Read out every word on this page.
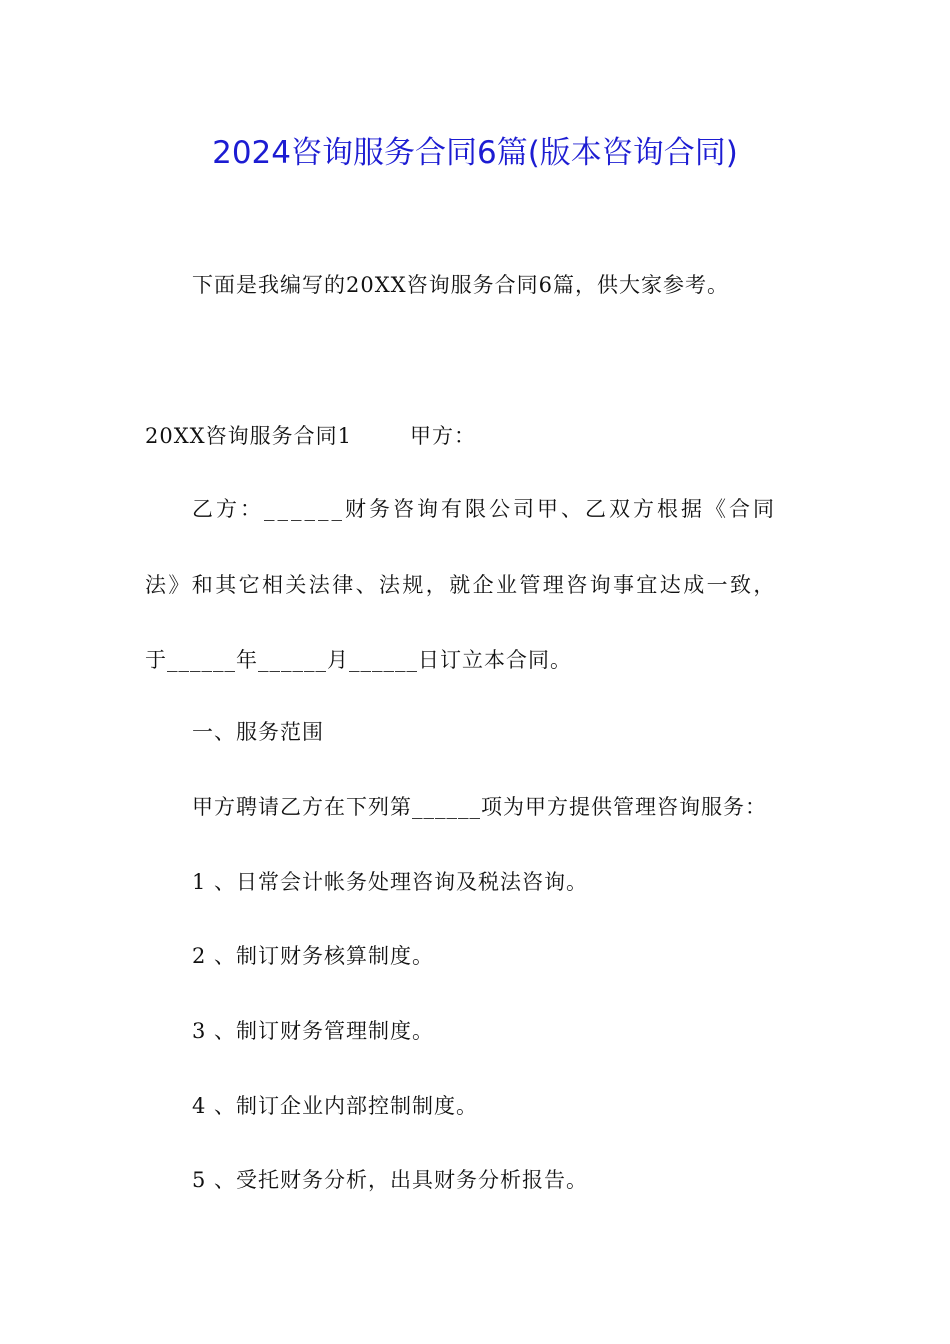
2024咨询服务合同6篇(版本咨询合同)
下面是我编写的20XX咨询服务合同6篇，供大家参考。
20XX咨询服务合同1	甲方：
乙方：______财务咨询有限公司甲、乙双方根据《合同
法》和其它相关法律、法规，就企业管理咨询事宜达成一致，
于______年______月______日订立本合同。
一、服务范围
甲方聘请乙方在下列第______项为甲方提供管理咨询服务：
1 、日常会计帐务处理咨询及税法咨询。
2 、制订财务核算制度。
3 、制订财务管理制度。
4 、制订企业内部控制制度。
5 、受托财务分析，出具财务分析报告。
